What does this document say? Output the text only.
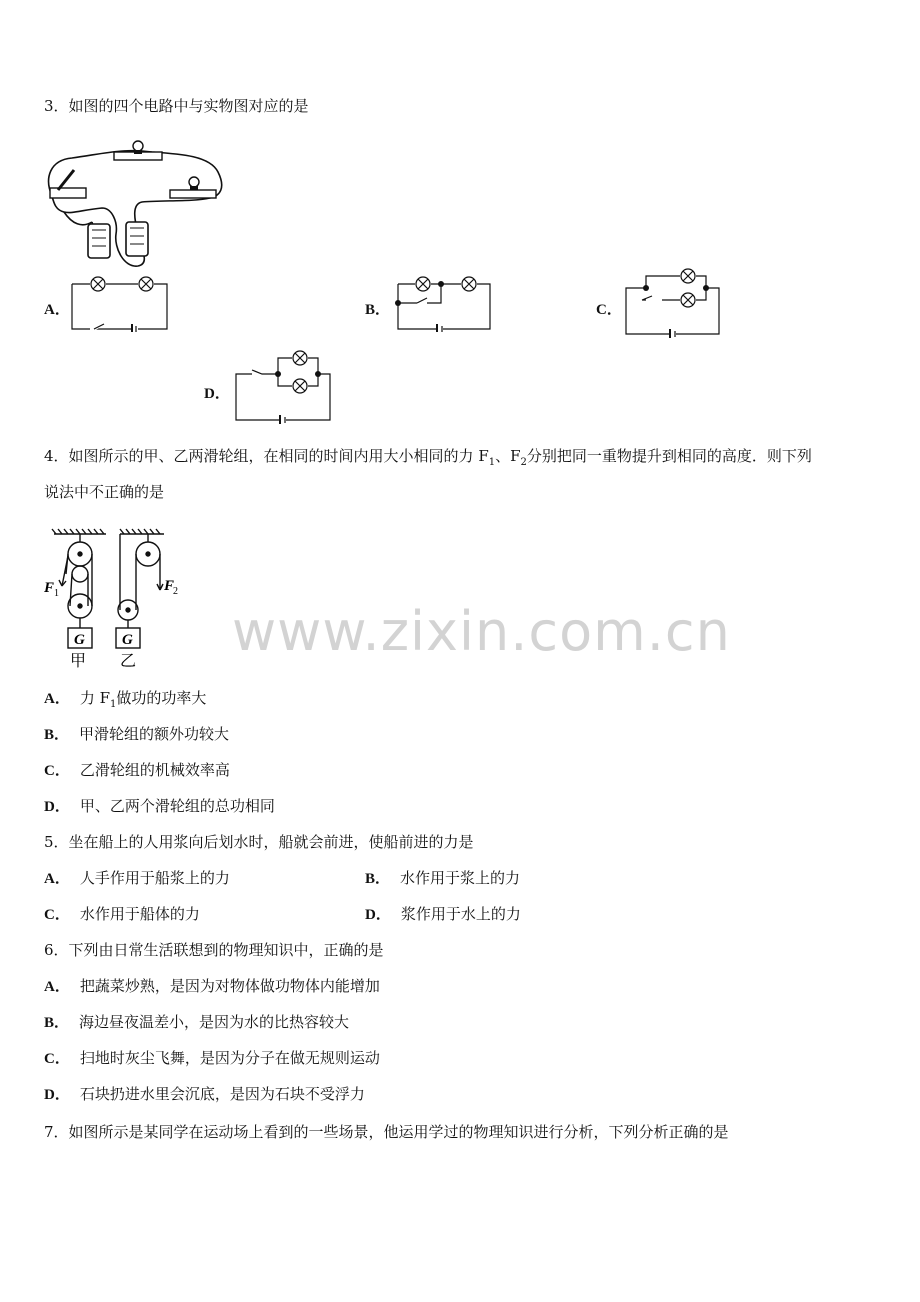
3．如图的四个电路中与实物图对应的是
A．	B．	C．
D．
4．如图所示的甲、乙两滑轮组，在相同的时间内用大小相同的力 $F_1$、$F_2$分别把同一重物提升到相同的高度．则下列
说法中不正确的是
F 1	F
2
G G
甲 乙 www.zixin.com.cn
A． 力 $F_1$做功的功率大
B． 甲滑轮组的额外功较大
C． 乙滑轮组的机械效率高
D． 甲、乙两个滑轮组的总功相同
5．坐在船上的人用浆向后划水时，船就会前进，使船前进的力是
A． 人手作用于船浆上的力	B． 水作用于浆上的力
C． 水作用于船体的力	D． 浆作用于水上的力
6．下列由日常生活联想到的物理知识中，正确的是
A． 把蔬菜炒熟，是因为对物体做功物体内能增加
B． 海边昼夜温差小，是因为水的比热容较大
C． 扫地时灰尘飞舞，是因为分子在做无规则运动
D． 石块扔进水里会沉底，是因为石块不受浮力
7．如图所示是某同学在运动场上看到的一些场景，他运用学过的物理知识进行分析，下列分析正确的是
